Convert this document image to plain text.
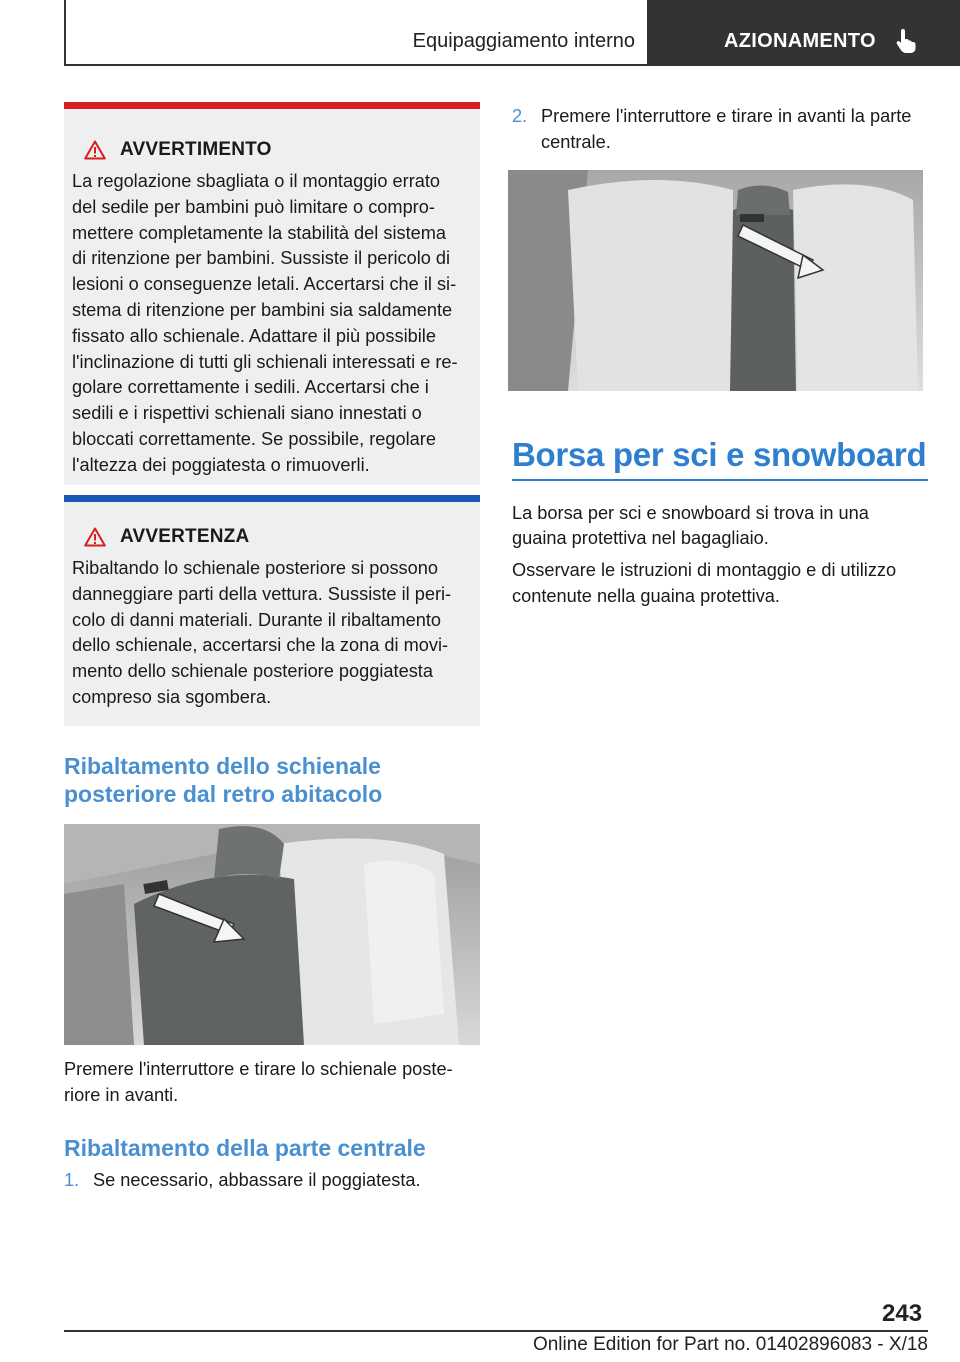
Equipaggiamento interno	AZIONAMENTO
AVVERTIMENTO
La regolazione sbagliata o il montaggio errato
del sedile per bambini può limitare o compro-
mettere completamente la stabilità del sistema
di ritenzione per bambini. Sussiste il pericolo di
lesioni o conseguenze letali. Accertarsi che il si-
stema di ritenzione per bambini sia saldamente
fissato allo schienale. Adattare il più possibile
l'inclinazione di tutti gli schienali interessati e re-
golare correttamente i sedili. Accertarsi che i
sedili e i rispettivi schienali siano innestati o
bloccati correttamente. Se possibile, regolare
l'altezza dei poggiatesta o rimuoverli.
AVVERTENZA
Ribaltando lo schienale posteriore si possono
danneggiare parti della vettura. Sussiste il peri-
colo di danni materiali. Durante il ribaltamento
dello schienale, accertarsi che la zona di movi-
mento dello schienale posteriore poggiatesta
compreso sia sgombera.
Ribaltamento dello schienale
posteriore dal retro abitacolo
Premere l'interruttore e tirare lo schienale poste-
riore in avanti.
Ribaltamento della parte centrale
1. Se necessario, abbassare il poggiatesta.
2. Premere l'interruttore e tirare in avanti la parte
centrale.
Borsa per sci e snowboard
La borsa per sci e snowboard si trova in una
guaina protettiva nel bagagliaio.
Osservare le istruzioni di montaggio e di utilizzo
contenute nella guaina protettiva.
243
Online Edition for Part no. 01402896083 - X/18
